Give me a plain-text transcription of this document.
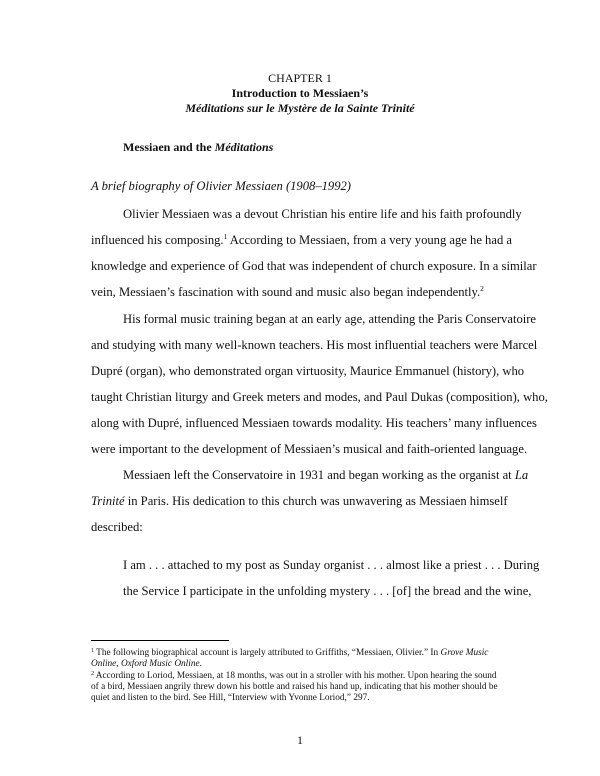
CHAPTER 1
Introduction to Messiaen’s
Méditations sur le Mystère de la Sainte Trinité
Messiaen and the Méditations
A brief biography of Olivier Messiaen (1908–1992)
Olivier Messiaen was a devout Christian his entire life and his faith profoundly
influenced his composing.$^1$ According to Messiaen, from a very young age he had a
knowledge and experience of God that was independent of church exposure. In a similar
vein, Messiaen’s fascination with sound and music also began independently.$^2$
His formal music training began at an early age, attending the Paris Conservatoire
and studying with many well-known teachers. His most influential teachers were Marcel
Dupré (organ), who demonstrated organ virtuosity, Maurice Emmanuel (history), who
taught Christian liturgy and Greek meters and modes, and Paul Dukas (composition), who,
along with Dupré, influenced Messiaen towards modality. His teachers’ many influences
were important to the development of Messiaen’s musical and faith-oriented language.
Messiaen left the Conservatoire in 1931 and began working as the organist at La
Trinité in Paris. His dedication to this church was unwavering as Messiaen himself
described:
I am . . . attached to my post as Sunday organist . . . almost like a priest . . . During
the Service I participate in the unfolding mystery . . . [of] the bread and the wine,
$^1$ The following biographical account is largely attributed to Griffiths, “Messiaen, Olivier.” In Grove Music
Online, Oxford Music Online.
$^2$ According to Loriod, Messiaen, at 18 months, was out in a stroller with his mother. Upon hearing the sound
of a bird, Messiaen angrily threw down his bottle and raised his hand up, indicating that his mother should be
quiet and listen to the bird. See Hill, “Interview with Yvonne Loriod,” 297.
1
